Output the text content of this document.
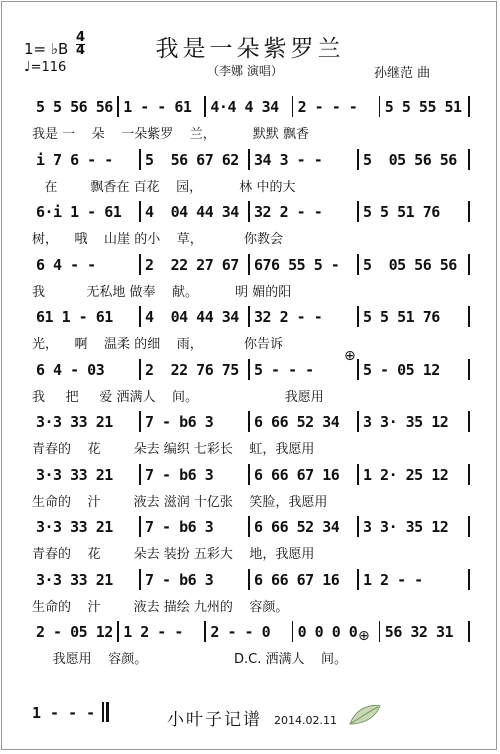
1= ♭B
4
4
♩=116
我是一朵紫罗兰
（李娜 演唱）	孙继范 曲
5 5 56 56 1 - - 61 4·4 4 34 2 - - - 5 5 55 51
我是 一    朵    一朵紫罗    兰，         默默 飘香
i 7 6 - - 5  56 67 62 34 3 - -	5  05 56 56
在        飘香在 百花    园，         林 中的大
6·i 1 - 61 4  04 44 34 32 2 - -	5 5 51 76
树，    哦    山崖 的小    草，          你教会
6 4 - -	2  22 27 67 676 55 5 - 5  05 56 56
我          无私地 做奉    献。         明 媚的阳
61 1 - 61 4  04 44 34 32 2 - -	5 5 51 76
光，    啊    温柔 的细    雨，          你告诉
6 4 - 03	2  22 76 75 5 - - -	5 - 05 12
我     把     爱 洒满人    间。                     我愿用
3·3 33 21 7 - b6 3	6 66 52 34 3 3· 35 12
青春的    花        朵去 编织 七彩长    虹，我愿用
3·3 33 21 7 - b6 3	6 66 67 16 1 2· 25 12
生命的    汁        液去 滋润 十亿张    笑脸，我愿用
3·3 33 21 7 - b6 3	6 66 52 34 3 3· 35 12
青春的    花        朵去 装扮 五彩大    地，我愿用
3·3 33 21 7 - b6 3	6 66 67 16 1 2 - -
生命的    汁        液去 描绘 九州的    容颜。
2 - 05 12 1 2 - - 2 - - 0 0 0 0 0 56 32 31
我愿用    容颜。                     D.C. 洒满人    间。
⊕
⊕
1 - - -	小叶子记谱 2014.02.11
